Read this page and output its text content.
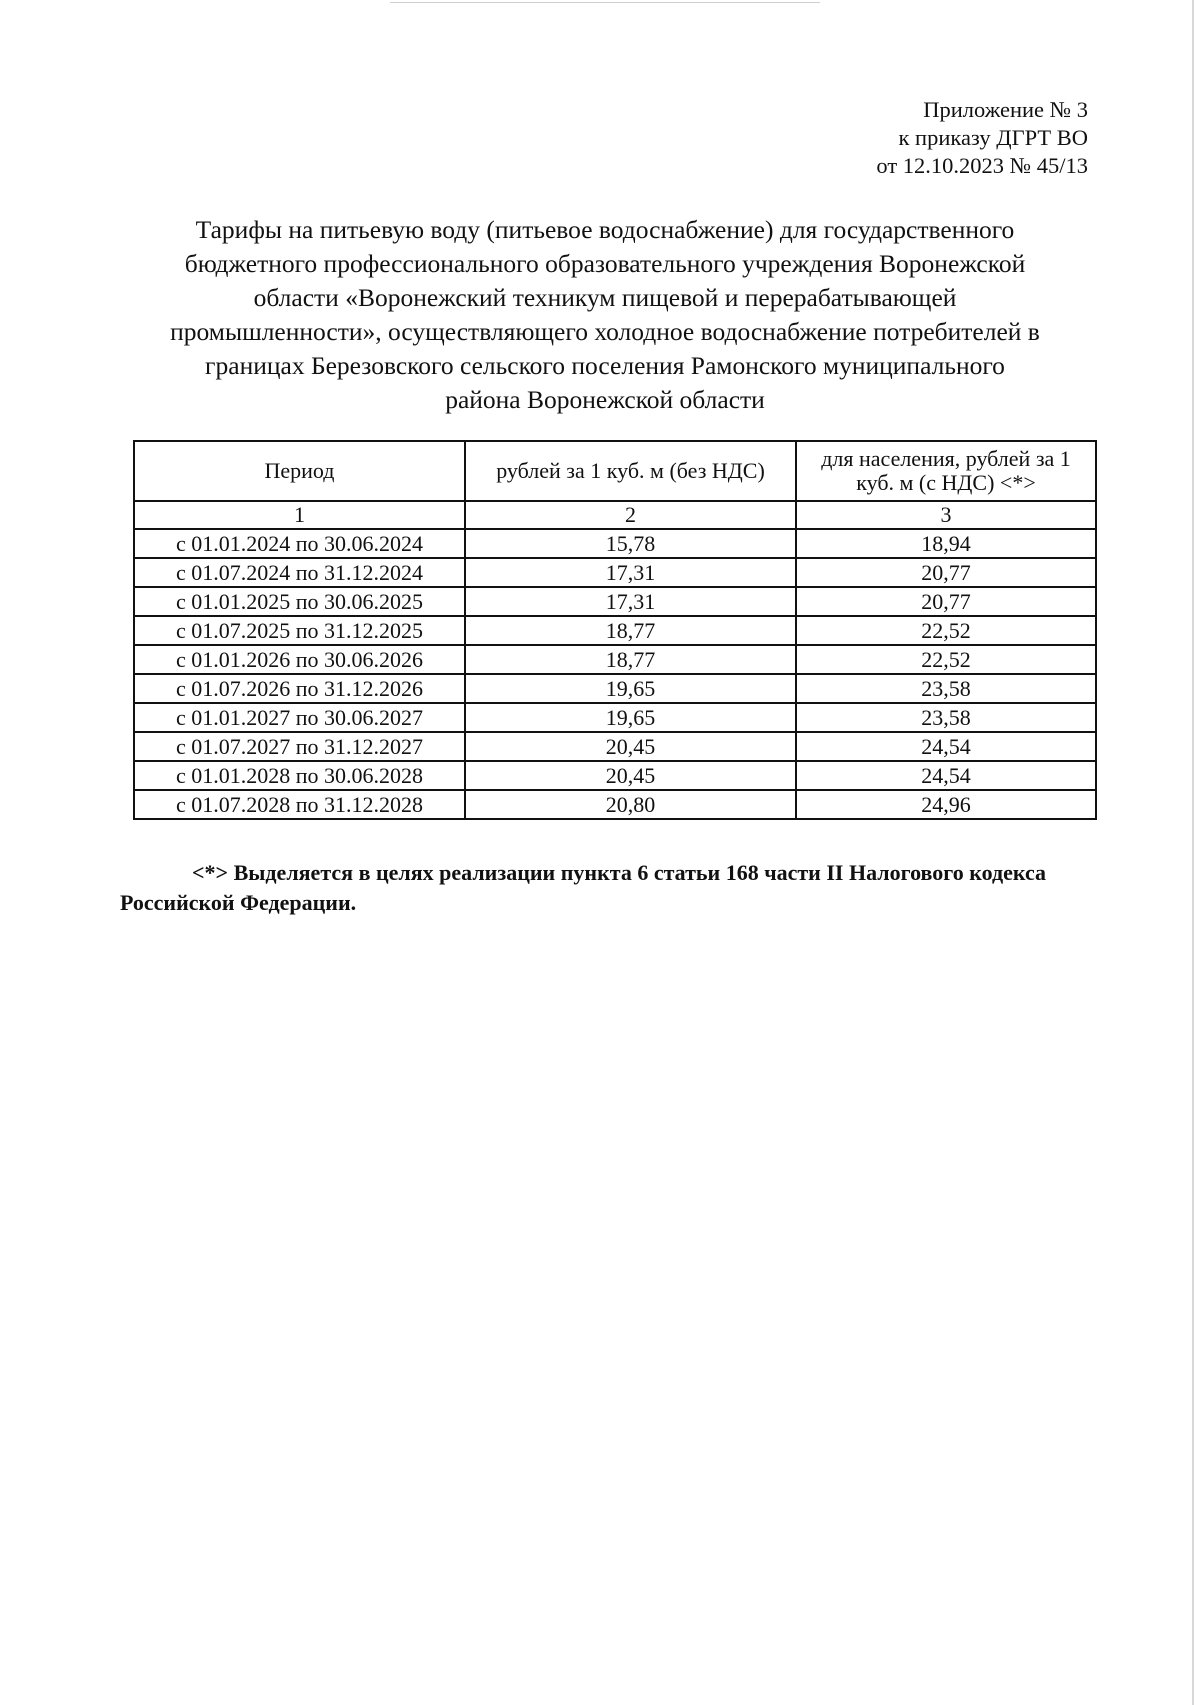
Приложение № 3
к приказу ДГРТ ВО
от 12.10.2023 № 45/13
Тарифы на питьевую воду (питьевое водоснабжение) для государственного
бюджетного профессионального образовательного учреждения Воронежской
области «Воронежский техникум пищевой и перерабатывающей
промышленности», осуществляющего холодное водоснабжение потребителей в
границах Березовского сельского поселения Рамонского муниципального
района Воронежской области
Период	рублей за 1 куб. м (без НДС)	для населения, рублей за 1
куб. м (с НДС) <*>
1	2	3
с 01.01.2024 по 30.06.2024	15,78	18,94
с 01.07.2024 по 31.12.2024	17,31	20,77
с 01.01.2025 по 30.06.2025	17,31	20,77
с 01.07.2025 по 31.12.2025	18,77	22,52
с 01.01.2026 по 30.06.2026	18,77	22,52
с 01.07.2026 по 31.12.2026	19,65	23,58
с 01.01.2027 по 30.06.2027	19,65	23,58
с 01.07.2027 по 31.12.2027	20,45	24,54
с 01.01.2028 по 30.06.2028	20,45	24,54
с 01.07.2028 по 31.12.2028	20,80	24,96
<*> Выделяется в целях реализации пункта 6 статьи 168 части II Налогового кодекса
Российской Федерации.
